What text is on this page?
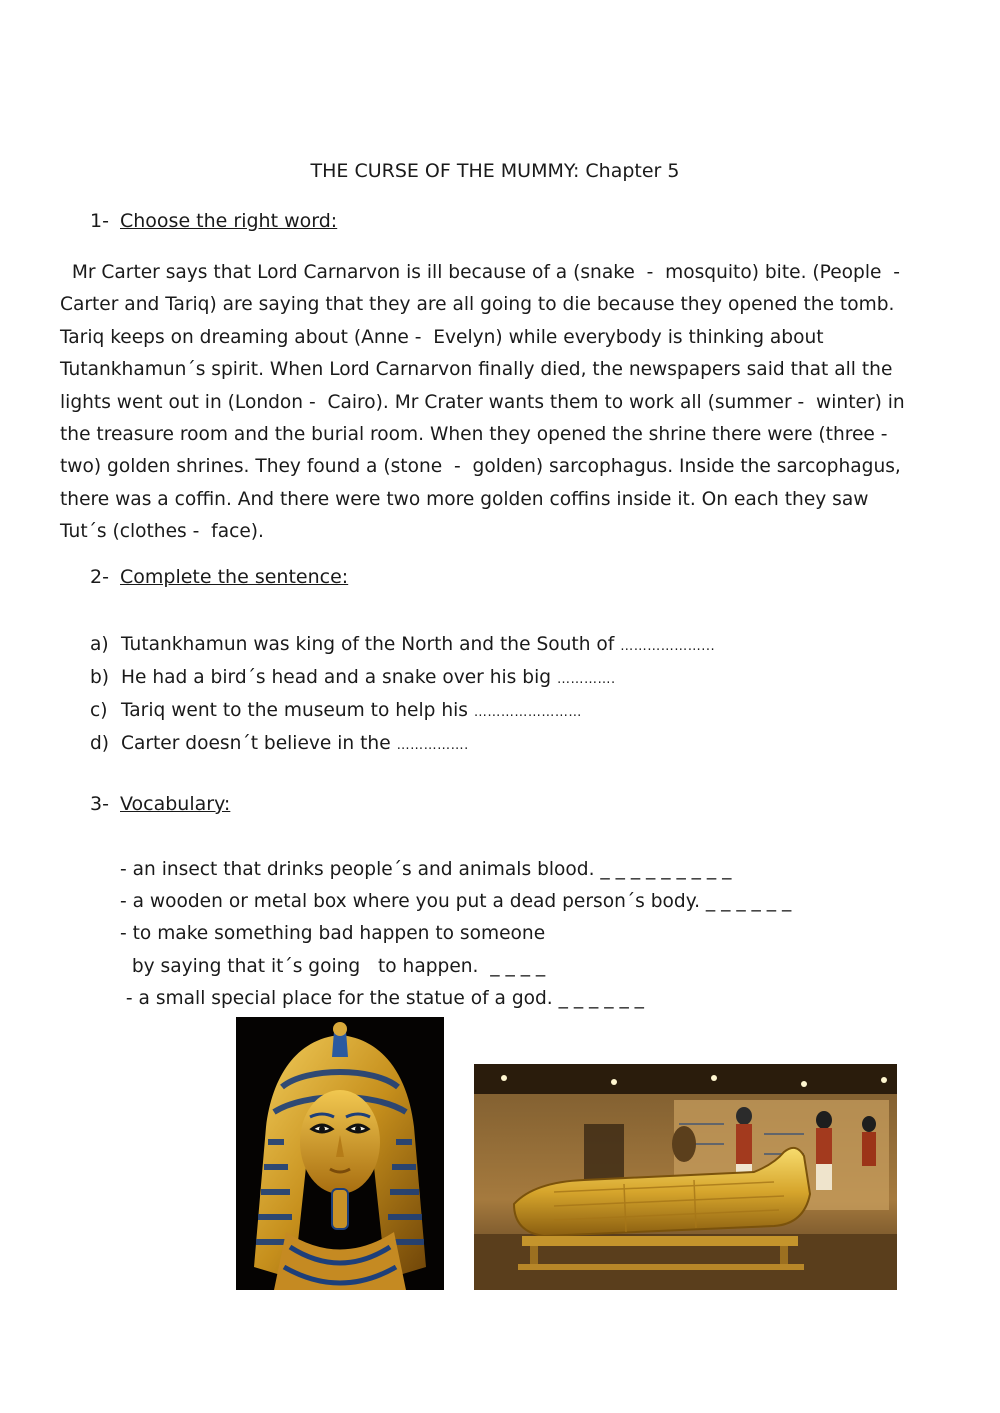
THE CURSE OF THE MUMMY: Chapter 5
1- Choose the right word:
Mr Carter says that Lord Carnarvon is ill because of a (snake  -  mosquito) bite. (People  -
Carter and Tariq) are saying that they are all going to die because they opened the tomb.
Tariq keeps on dreaming about (Anne -  Evelyn) while everybody is thinking about
Tutankhamun´s spirit. When Lord Carnarvon finally died, the newspapers said that all the
lights went out in (London -  Cairo). Mr Crater wants them to work all (summer -  winter) in
the treasure room and the burial room. When they opened the shrine there were (three -
two) golden shrines. They found a (stone  -  golden) sarcophagus. Inside the sarcophagus,
there was a coffin. And there were two more golden coffins inside it. On each they saw
Tut´s (clothes -  face).
2- Complete the sentence:
a) Tutankhamun was king of the North and the South of ………………...
b) He had a bird´s head and a snake over his big ………….
c) Tariq went to the museum to help his ……………………
d) Carter doesn´t believe in the …………….
3- Vocabulary:
- an insect that drinks people´s and animals blood. _ _ _ _ _ _ _ _ _
- a wooden or metal box where you put a dead person´s body. _ _ _ _ _ _
- to make something bad happen to someone
by saying that it´s going   to happen.  _ _ _ _
- a small special place for the statue of a god. _ _ _ _ _ _
